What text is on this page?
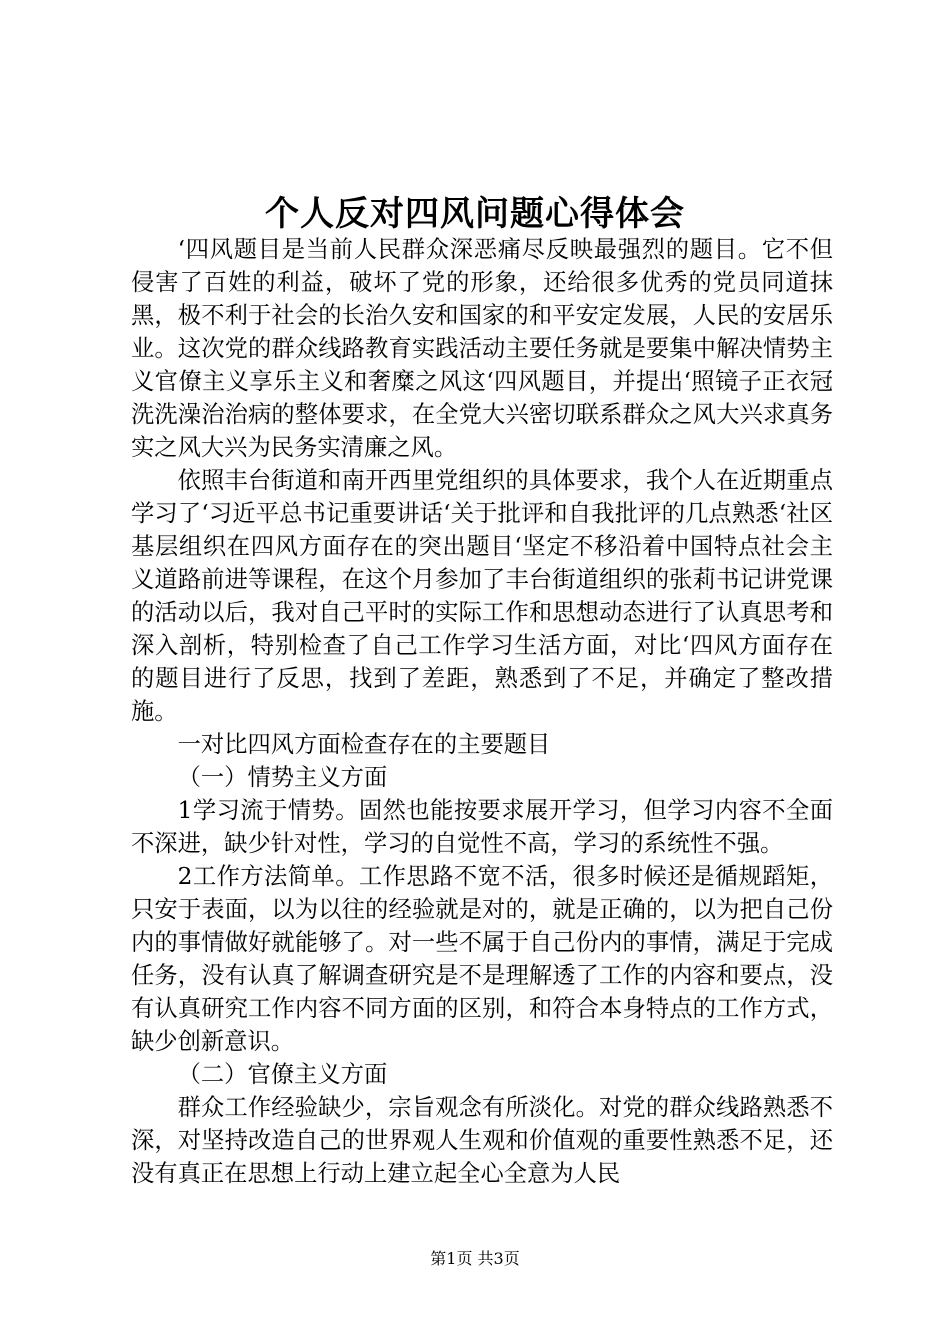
个人反对四风问题心得体会

‘四风题目是当前人民群众深恶痛尽反映最强烈的题目。它不但侵害了百姓的利益，破坏了党的形象，还给很多优秀的党员同道抹黑，极不利于社会的长治久安和国家的和平安定发展，人民的安居乐业。这次党的群众线路教育实践活动主要任务就是要集中解决情势主义官僚主义享乐主义和奢糜之风这‘四风题目，并提出‘照镜子正衣冠洗洗澡治治病的整体要求，在全党大兴密切联系群众之风大兴求真务实之风大兴为民务实清廉之风。

依照丰台街道和南开西里党组织的具体要求，我个人在近期重点学习了‘习近平总书记重要讲话‘关于批评和自我批评的几点熟悉‘社区基层组织在四风方面存在的突出题目‘坚定不移沿着中国特点社会主义道路前进等课程，在这个月参加了丰台街道组织的张莉书记讲党课的活动以后，我对自己平时的实际工作和思想动态进行了认真思考和深入剖析，特别检查了自己工作学习生活方面，对比‘四风方面存在的题目进行了反思，找到了差距，熟悉到了不足，并确定了整改措施。

一对比四风方面检查存在的主要题目

（一）情势主义方面

1学习流于情势。固然也能按要求展开学习，但学习内容不全面不深进，缺少针对性，学习的自觉性不高，学习的系统性不强。

2工作方法简单。工作思路不宽不活，很多时候还是循规蹈矩，只安于表面，以为以往的经验就是对的，就是正确的，以为把自己份内的事情做好就能够了。对一些不属于自己份内的事情，满足于完成任务，没有认真了解调查研究是不是理解透了工作的内容和要点，没有认真研究工作内容不同方面的区别，和符合本身特点的工作方式，缺少创新意识。

（二）官僚主义方面

群众工作经验缺少，宗旨观念有所淡化。对党的群众线路熟悉不深，对坚持改造自己的世界观人生观和价值观的重要性熟悉不足，还没有真正在思想上行动上建立起全心全意为人民

第1页 共3页
